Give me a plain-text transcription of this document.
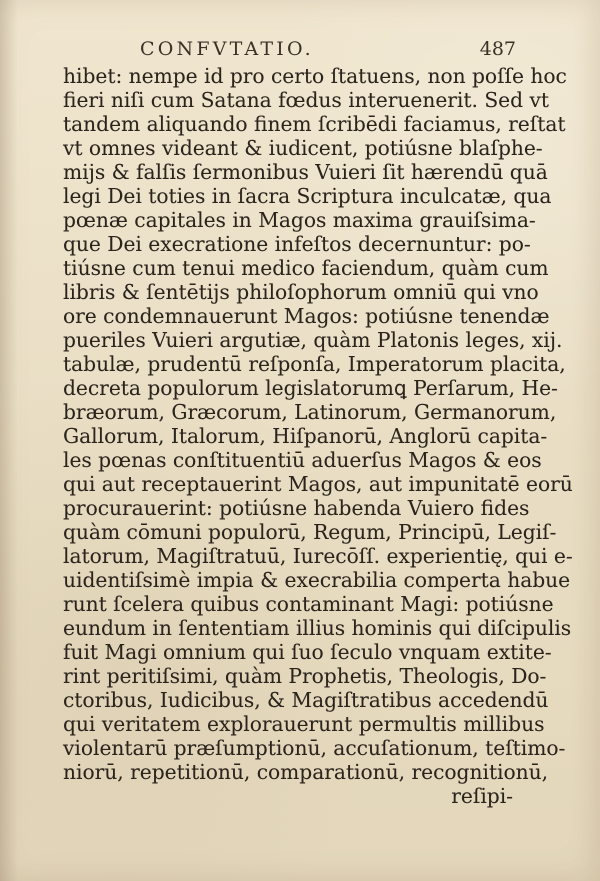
CONFVTATIO.	487
hibet: nempe id pro certo ſtatuens, non poſſe hoc
fieri niſi cum Satana fœdus interuenerit. Sed vt
tandem aliquando finem ſcribēdi faciamus, reſtat
vt omnes videant & iudicent, potiúsne blaſphe-
mijs & falſis ſermonibus Vuieri ſit hærendū quā
legi Dei toties in ſacra Scriptura inculcatæ, qua
pœnæ capitales in Magos maxima grauiſsima-
que Dei execratione infeſtos decernuntur: po-
tiúsne cum tenui medico faciendum, quàm cum
libris & ſentētijs philoſophorum omniū qui vno
ore condemnauerunt Magos: potiúsne tenendæ
pueriles Vuieri argutiæ, quàm Platonis leges, xij.
tabulæ, prudentū reſponſa, Imperatorum placita,
decreta populorum legislatorumꝗ Perſarum, He-
bræorum, Græcorum, Latinorum, Germanorum,
Gallorum, Italorum, Hiſpanorū, Anglorū capita-
les pœnas conſtituentiū aduerſus Magos & eos
qui aut receptauerint Magos, aut impunitatē eorū
procurauerint: potiúsne habenda Vuiero fides
quàm cōmuni populorū, Regum, Principū, Legiſ-
latorum, Magiſtratuū, Iurecōſſ. experientię, qui e-
uidentiſsimè impia & execrabilia comperta habue
runt ſcelera quibus contaminant Magi: potiúsne
eundum in ſententiam illius hominis qui diſcipulis
fuit Magi omnium qui ſuo ſeculo vnquam extite-
rint peritiſsimi, quàm Prophetis, Theologis, Do-
ctoribus, Iudicibus, & Magiſtratibus accedendū
qui veritatem explorauerunt permultis millibus
violentarū præſumptionū, accuſationum, teſtimo-
niorū, repetitionū, comparationū, recognitionū,
reſipi-
